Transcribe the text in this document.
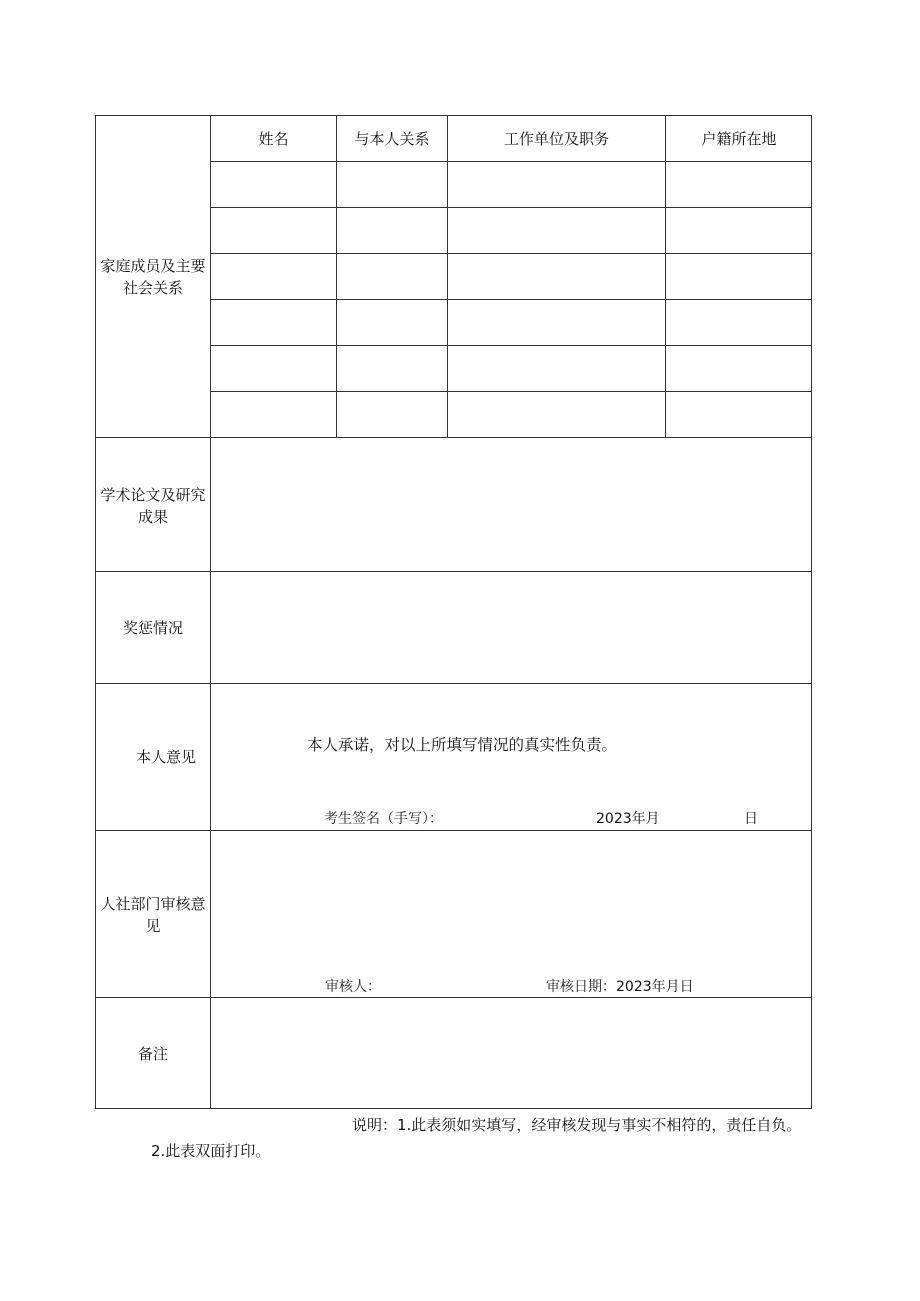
家庭成员及主要社会关系
姓名	与本人关系	工作单位及职务	户籍所在地
学术论文及研究成果
奖惩情况
本人意见
本人承诺，对以上所填写情况的真实性负责。
考生签名（手写）：	2023年月	日
人社部门审核意见
审核人：	审核日期：2023年月日
备注
说明：1.此表须如实填写，经审核发现与事实不相符的，责任自负。
2.此表双面打印。
